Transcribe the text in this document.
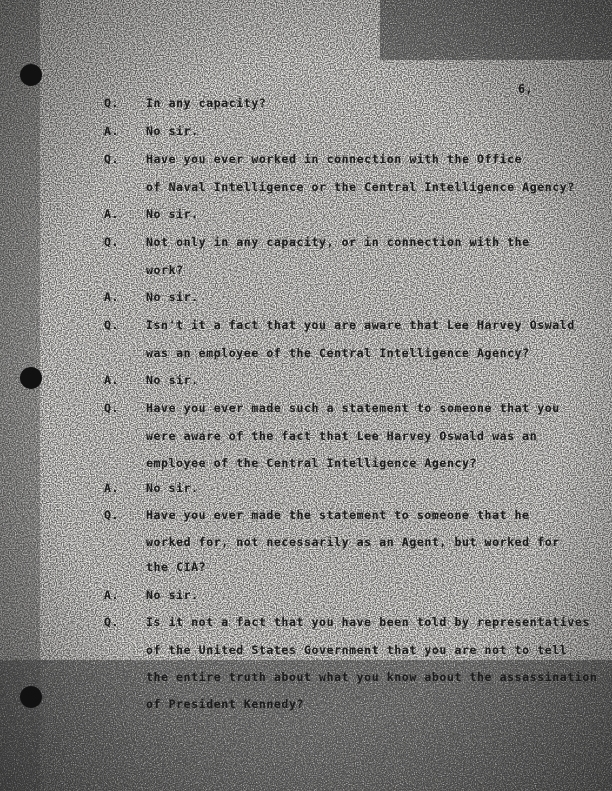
6,
Q. In any capacity?
A. No sir.
Q. Have you ever worked in connection with the Office
of Naval Intelligence or the Central Intelligence Agency?
A. No sir.
Q. Not only in any capacity, or in connection with the
work?
A. No sir.
Q. Isn't it a fact that you are aware that Lee Harvey Oswald
was an employee of the Central Intelligence Agency?
A. No sir.
Q. Have you ever made such a statement to someone that you
were aware of the fact that Lee Harvey Oswald was an
employee of the Central Intelligence Agency?
A. No sir.
Q. Have you ever made the statement to someone that he
worked for, not necessarily as an Agent, but worked for
the CIA?
A. No sir.
Q. Is it not a fact that you have been told by representatives
of the United States Government that you are not to tell
the entire truth about what you know about the assassination
of President Kennedy?
